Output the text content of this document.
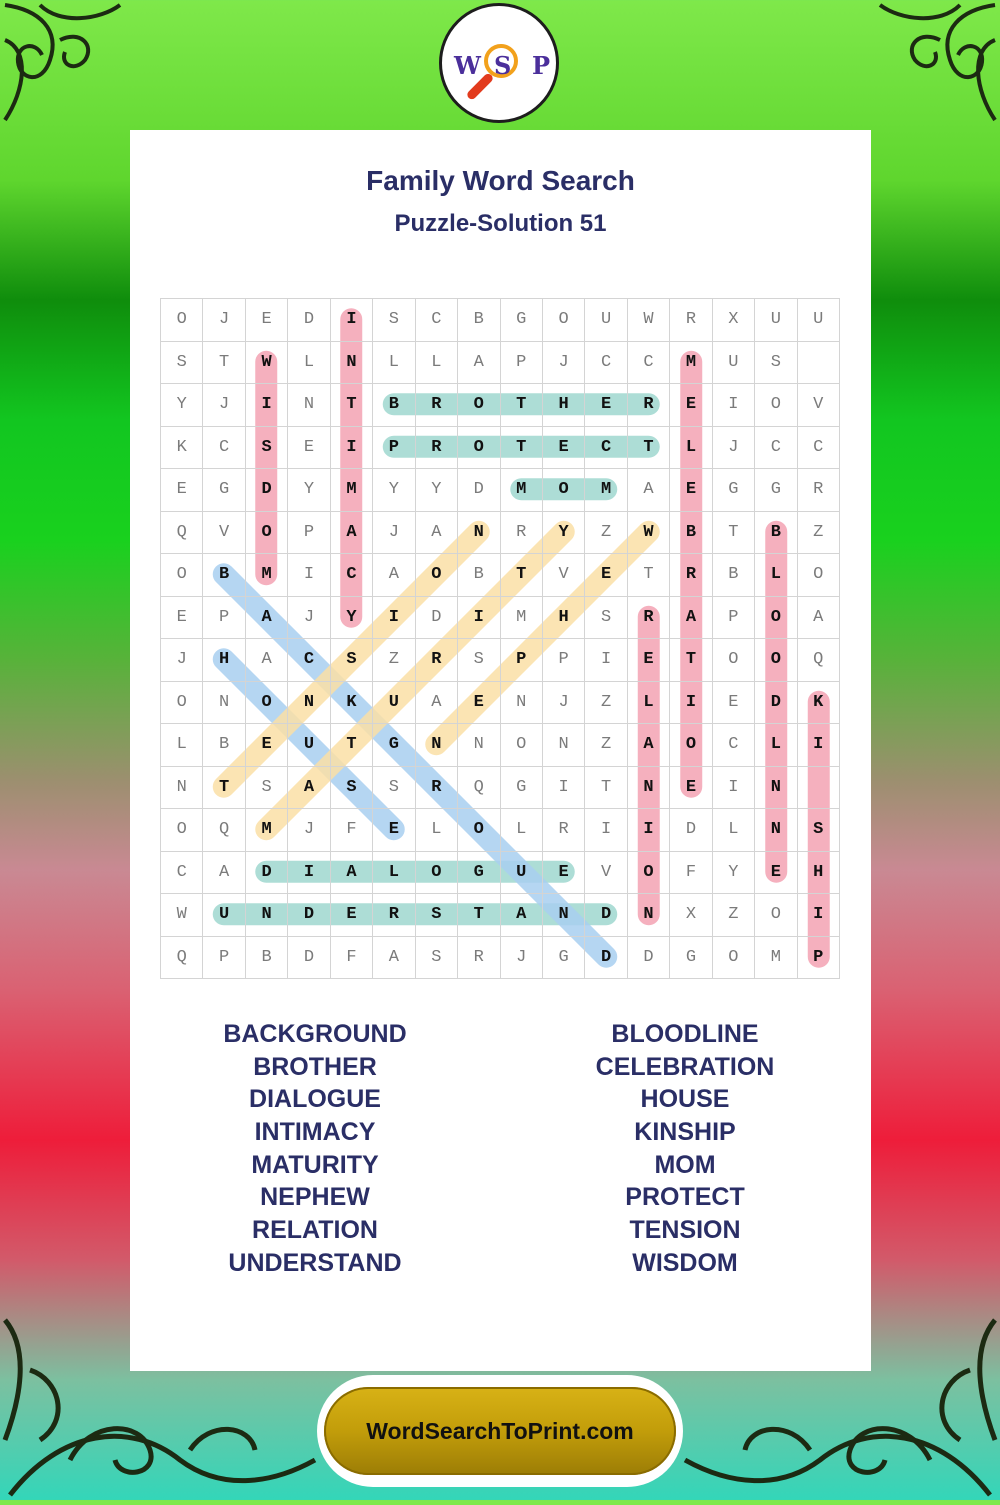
W S P
Family Word Search
Puzzle-Solution 51
O	J	E	D	I	S	C	B	G	O	U	W	R	X	U	U
S	T	W	L	N	L	L	A	P	J	C	C	M	U	S	
Y	J	I	N	T	B	R	O	T	H	E	R	E	I	O	V
K	C	S	E	I	P	R	O	T	E	C	T	L	J	C	C
E	G	D	Y	M	Y	Y	D	M	O	M	A	E	G	G	R
Q	V	O	P	A	J	A	N	R	Y	Z	W	B	T	B	Z
O	B	M	I	C	A	O	B	T	V	E	T	R	B	L	O
E	P	A	J	Y	I	D	I	M	H	S	R	A	P	O	A
J	H	A	C	S	Z	R	S	P	P	I	E	T	O	O	Q
O	N	O	N	K	U	A	E	N	J	Z	L	I	E	D	K
L	B	E	U	T	G	N	N	O	N	Z	A	O	C	L	I
N	T	S	A	S	S	R	Q	G	I	T	N	E	I	N	
O	Q	M	J	F	E	L	O	L	R	I	I	D	L	N	S
C	A	D	I	A	L	O	G	U	E	V	O	F	Y	E	H
W	U	N	D	E	R	S	T	A	N	D	N	X	Z	O	I
Q	P	B	D	F	A	S	R	J	G	D	D	G	O	M	P
BACKGROUND
BROTHER
DIALOGUE
INTIMACY
MATURITY
NEPHEW
RELATION
UNDERSTAND
BLOODLINE
CELEBRATION
HOUSE
KINSHIP
MOM
PROTECT
TENSION
WISDOM
WordSearchToPrint.com
